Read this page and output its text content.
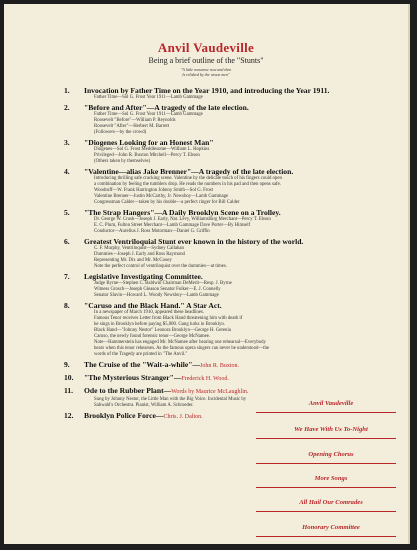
Anvil Vaudeville
Being a brief outline of the "Stunts"
"A little nonsense now and then
Is relished by the wisest men"
1. Invocation by Father Time on the Year 1910, and introducing the Year 1911.
Father Time—Sol G. Frost Year 1911—Lamb Gammage
2. "Before and After"—A tragedy of the late election.
Father Time—Sol G. Frost Year 1911—Lamb Gammage
Roosevelt "Before"—William P. Reynolds
Roosevelt "After"—Herbert M. Barrett
(Followers—by the crowd)
3. "Diogenes Looking for an Honest Man"
Diogenes—Sol G. Frost Meddlesome—William L. Hopkins
Privileged—John R. Buxton Mitchell—Percy T. Ebson
(Others taken by themselves)
4. "Valentine—alias Jake Brenner"—A tragedy of the late election.
Introducing thrilling safe cracking scene. Valentine by the delicate touch of his fingers could open
a combination by feeling the tumblers drop. He reads the numbers in his pad and then opens safe.
Woodruff—W. Frank Harrington Johnny Smith—Sol G. Frost
Valentine Brenner—Justin McCarthy, Jr. Newsboy—Lamb Gammage
Congressman Calder—taken by his double—a perfect ringer for Bill Calder
5. "The Strap Hangers"—A Daily Brooklyn Scene on a Trolley.
Dr. George W. Crush—Joseph J. Early, Nat. Levy, Williamsburg Merchant—Percy T. Ebson
E. C. Plum, Fulton Street Merchant—Lamb Gammage Dave Porter—By Himself
Conductor—Aurelius J. Ross Motorman—Daniel G. Griffin
6. Greatest Ventriloquial Stunt ever known in the history of the world.
C. F. Murphy, Ventriloquist—Sydney Callahan
Dummies—Joseph J. Early and Ross Raymond
Representing Mr. Dix and Mr. McCooey
Note the perfect control of ventriloquist over the dummies—at times.
7. Legislative Investigating Committee.
Judge Byrne—Stephen C. Baldwin Chairman DeMerit—Resp. J. Byrne
Witness Grosch—Joseph Gleason Senator Folker—E. J. Connelly
Senator Slavin—Howard L. Woody Newsboy—Lamb Gammage
8. "Caruso and the Black Hand." A Star Act.
In a newspaper of March 1910, appeared these headlines.
Famous Tenor receives Letter from Black Hand threatening him with death if
he sings in Brooklyn before paying $5,000. Gang lurks in Brooklyn.
Black Hand—"Johnny Nestor" Leonora Brooklyn—George H. Gerenia
Caruso, the newly found forensic tenor—George McNamee.
Note—Hammerstein has engaged Mr. McNamee after hearing one rehearsal—Everybody
hears when this tenor rehearses. As the famous opera singers can never be understood—the
words of the Tragedy are printed in "The Anvil."
9. The Cruise of the "Wait-a-while"—John R. Buxton.
10. "The Mysterious Stranger"—Frederick H. Wood.
11. Ode to the Rubber Plant—Words by Maurice McLaughlin.
Sung by Johnny Nestor, the Little Man with the Big Voice. Incidental Music by
Sabwahl's Orchestra. Pianist, William A. Schroeder.
12. Brooklyn Police Force—Chris. J. Dalton.
Anvil Vaudeville
We Have With Us To-Night
Opening Chorus
More Songs
All Hail Our Comrades
Honorary Committee
